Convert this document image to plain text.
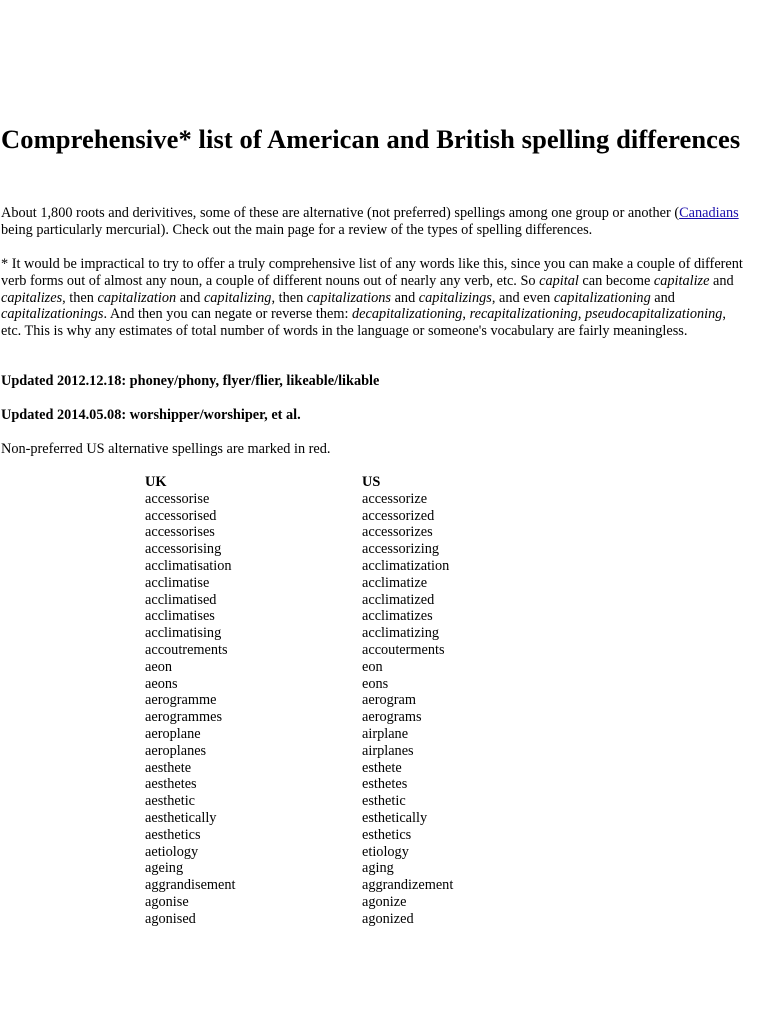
Comprehensive* list of American and British spelling differences

About 1,800 roots and derivitives, some of these are alternative (not preferred) spellings among one group or another (Canadians being particularly mercurial). Check out the main page for a review of the types of spelling differences.

* It would be impractical to try to offer a truly comprehensive list of any words like this, since you can make a couple of different verb forms out of almost any noun, a couple of different nouns out of nearly any verb, etc. So capital can become capitalize and capitalizes, then capitalization and capitalizing, then capitalizations and capitalizings, and even capitalizationing and capitalizationings. And then you can negate or reverse them: decapitalizationing, recapitalizationing, pseudocapitalizationing, etc. This is why any estimates of total number of words in the language or someone's vocabulary are fairly meaningless.

Updated 2012.12.18: phoney/phony, flyer/flier, likeable/likable

Updated 2014.05.08: worshipper/worshiper, et al.

Non-preferred US alternative spellings are marked in red.

UK	US
accessorise	accessorize
accessorised	accessorized
accessorises	accessorizes
accessorising	accessorizing
acclimatisation	acclimatization
acclimatise	acclimatize
acclimatised	acclimatized
acclimatises	acclimatizes
acclimatising	acclimatizing
accoutrements	accouterments
aeon	eon
aeons	eons
aerogramme	aerogram
aerogrammes	aerograms
aeroplane	airplane
aeroplanes	airplanes
aesthete	esthete
aesthetes	esthetes
aesthetic	esthetic
aesthetically	esthetically
aesthetics	esthetics
aetiology	etiology
ageing	aging
aggrandisement	aggrandizement
agonise	agonize
agonised	agonized
